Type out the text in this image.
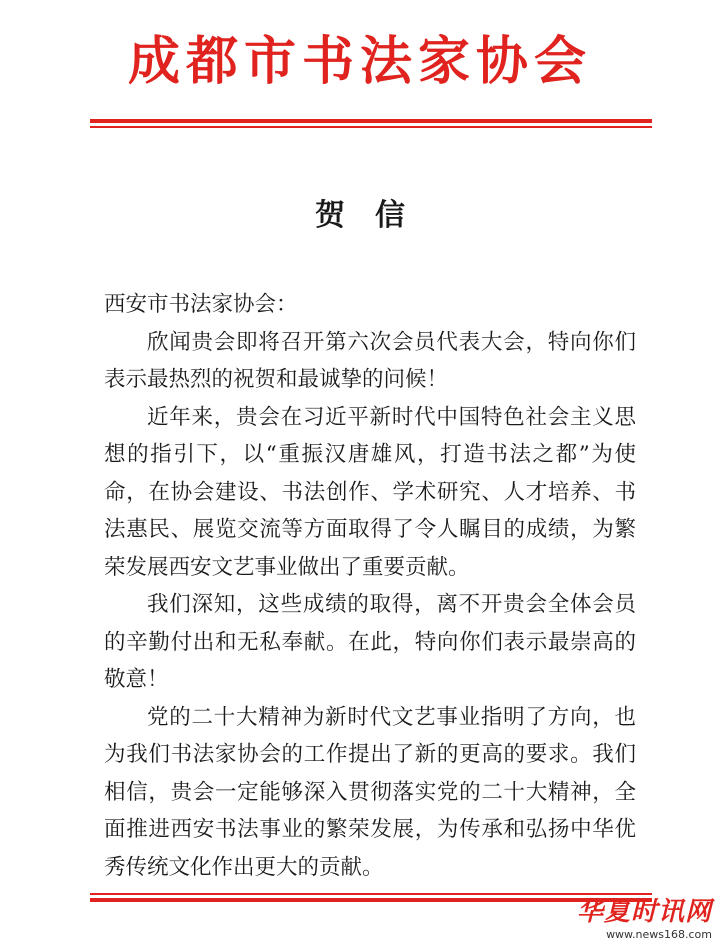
成都市书法家协会
贺信

西安市书法家协会：

欣闻贵会即将召开第六次会员代表大会，特向你们表示最热烈的祝贺和最诚挚的问候！

近年来，贵会在习近平新时代中国特色社会主义思想的指引下，以“重振汉唐雄风，打造书法之都”为使命，在协会建设、书法创作、学术研究、人才培养、书法惠民、展览交流等方面取得了令人瞩目的成绩，为繁荣发展西安文艺事业做出了重要贡献。

我们深知，这些成绩的取得，离不开贵会全体会员的辛勤付出和无私奉献。在此，特向你们表示最崇高的敬意！

党的二十大精神为新时代文艺事业指明了方向，也为我们书法家协会的工作提出了新的更高的要求。我们相信，贵会一定能够深入贯彻落实党的二十大精神，全面推进西安书法事业的繁荣发展，为传承和弘扬中华优秀传统文化作出更大的贡献。

华夏时讯网
www.news168.com
